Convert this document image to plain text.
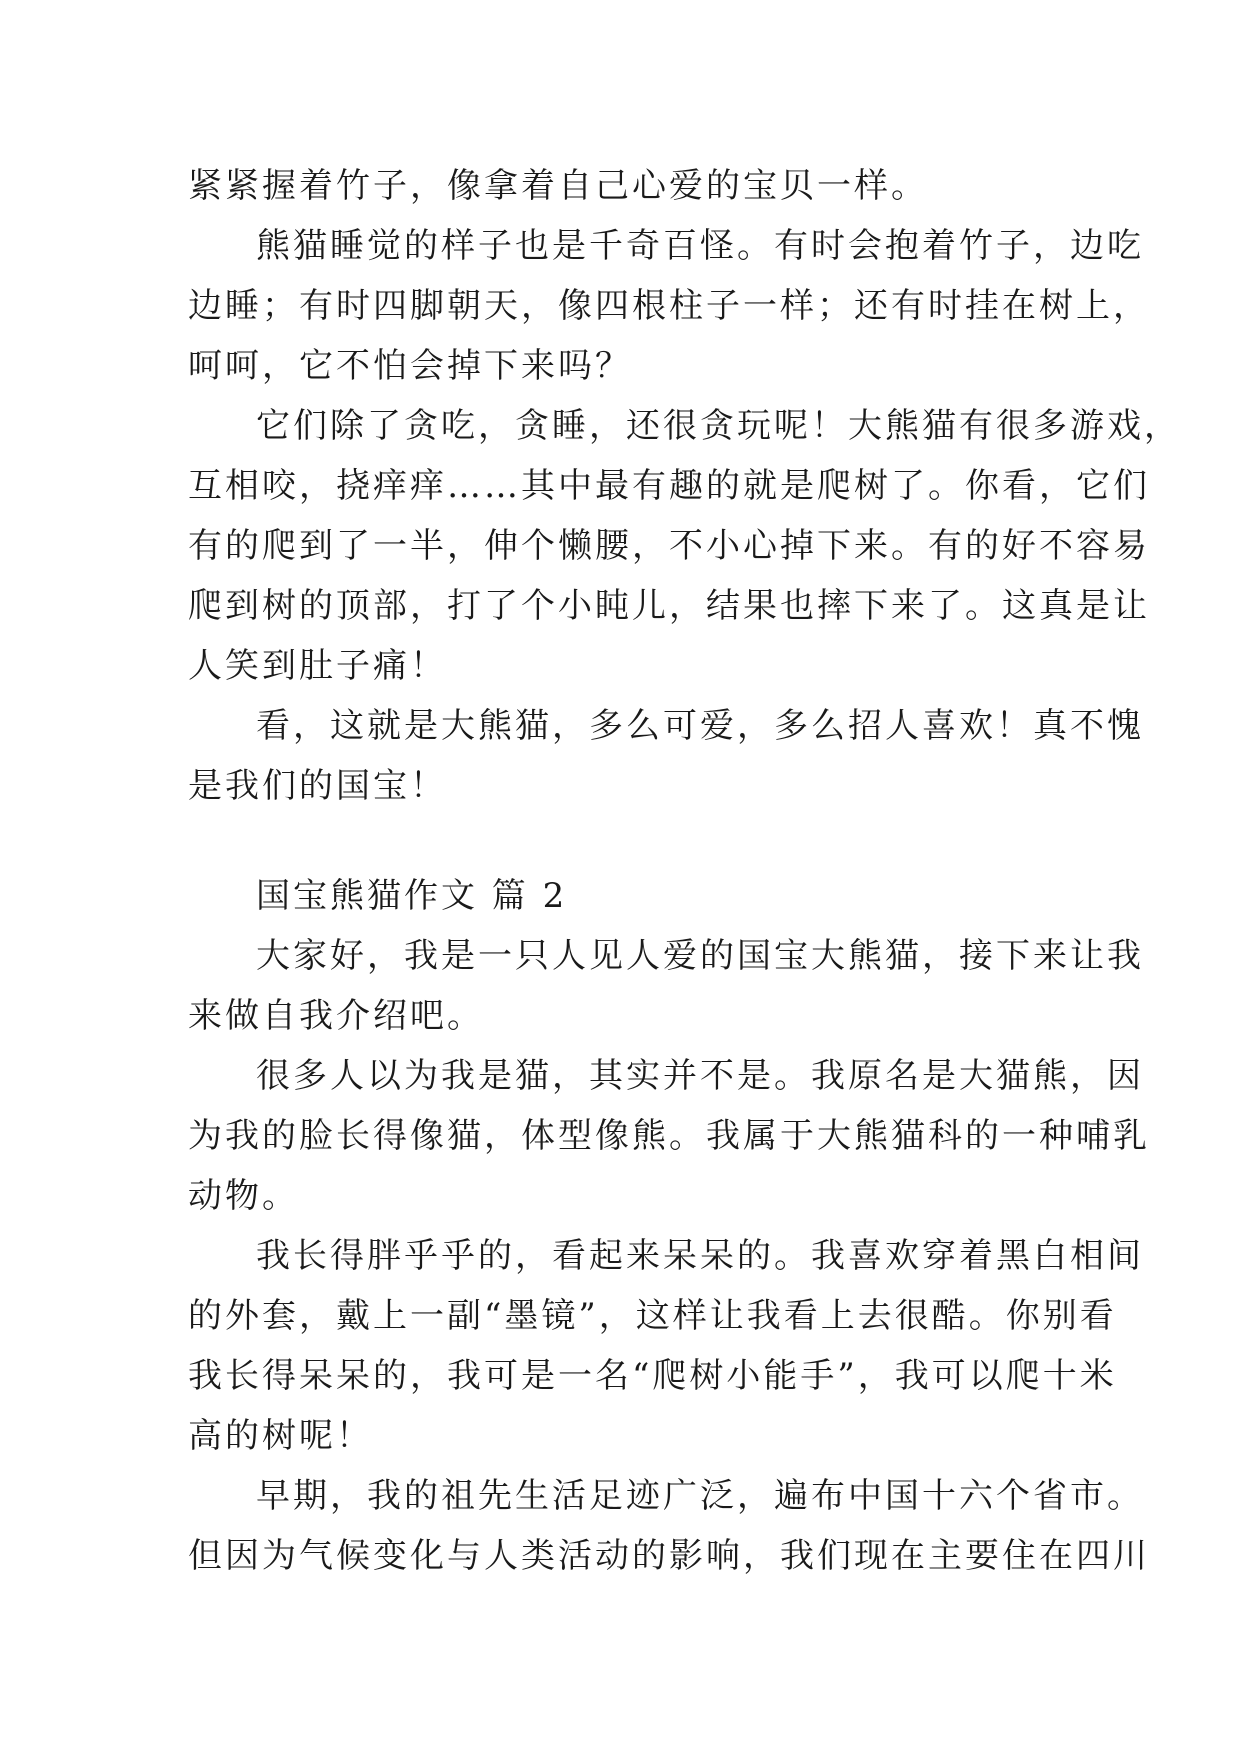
紧紧握着竹子，像拿着自己心爱的宝贝一样。
熊猫睡觉的样子也是千奇百怪。有时会抱着竹子，边吃
边睡；有时四脚朝天，像四根柱子一样；还有时挂在树上，
呵呵，它不怕会掉下来吗？
它们除了贪吃，贪睡，还很贪玩呢！大熊猫有很多游戏，
互相咬，挠痒痒……其中最有趣的就是爬树了。你看，它们
有的爬到了一半，伸个懒腰，不小心掉下来。有的好不容易
爬到树的顶部，打了个小盹儿，结果也摔下来了。这真是让
人笑到肚子痛！
看，这就是大熊猫，多么可爱，多么招人喜欢！真不愧
是我们的国宝！
国宝熊猫作文 篇 2
大家好，我是一只人见人爱的国宝大熊猫，接下来让我
来做自我介绍吧。
很多人以为我是猫，其实并不是。我原名是大猫熊，因
为我的脸长得像猫，体型像熊。我属于大熊猫科的一种哺乳
动物。
我长得胖乎乎的，看起来呆呆的。我喜欢穿着黑白相间
的外套，戴上一副“墨镜”，这样让我看上去很酷。你别看
我长得呆呆的，我可是一名“爬树小能手”，我可以爬十米
高的树呢！
早期，我的祖先生活足迹广泛，遍布中国十六个省市。
但因为气候变化与人类活动的影响，我们现在主要住在四川
